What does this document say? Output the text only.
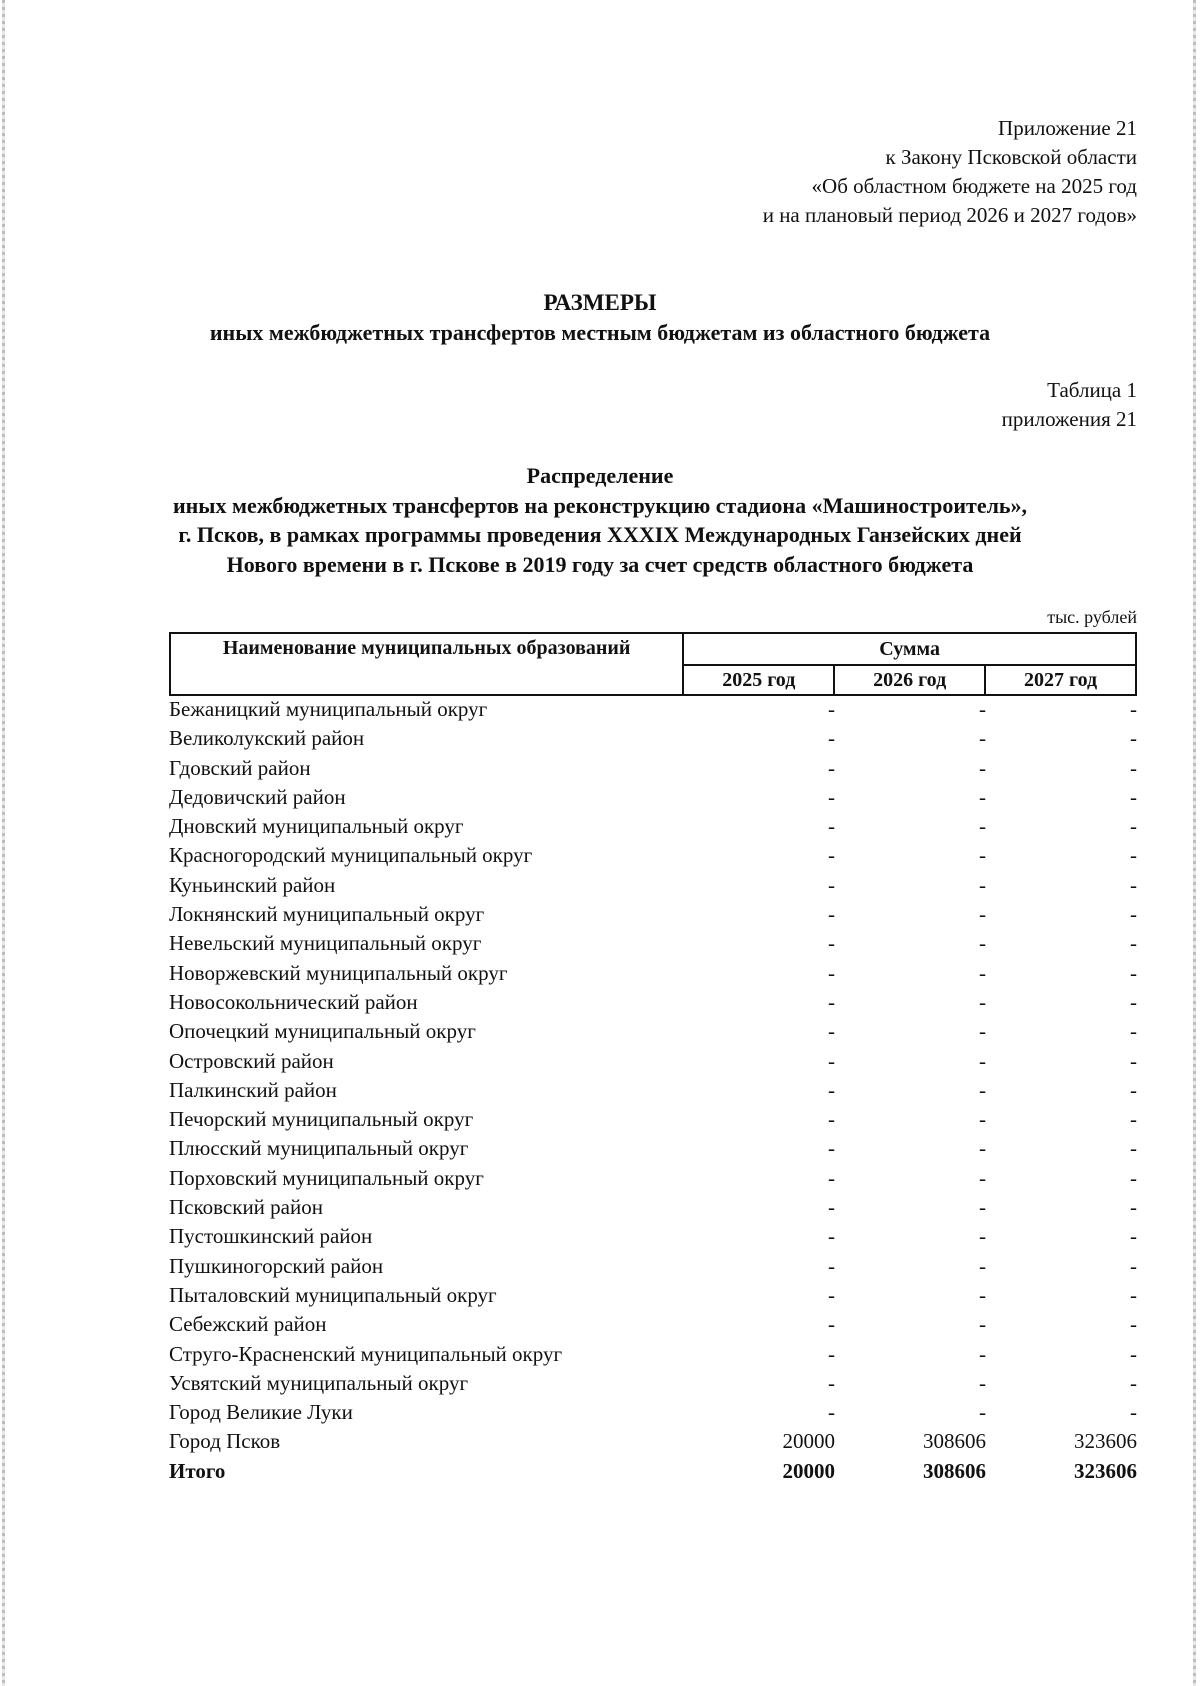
Приложение 21
к Закону Псковской области
«Об областном бюджете на 2025 год
и на плановый период 2026 и 2027 годов»
РАЗМЕРЫ
иных межбюджетных трансфертов местным бюджетам из областного бюджета
Таблица 1
приложения 21
Распределение
иных межбюджетных трансфертов на реконструкцию стадиона «Машиностроитель»,
г. Псков, в рамках программы проведения XXXIX Международных Ганзейских дней
Нового времени в г. Пскове в 2019 году за счет средств областного бюджета
тыс. рублей
Наименование муниципальных образований	Сумма		
	2025 год	2026 год	2027 год
Бежаницкий муниципальный округ	-	-	-
Великолукский район	-	-	-
Гдовский район	-	-	-
Дедовичский район	-	-	-
Дновский муниципальный округ	-	-	-
Красногородский муниципальный округ	-	-	-
Куньинский район	-	-	-
Локнянский муниципальный округ	-	-	-
Невельский муниципальный округ	-	-	-
Новоржевский муниципальный округ	-	-	-
Новосокольнический район	-	-	-
Опочецкий муниципальный округ	-	-	-
Островский район	-	-	-
Палкинский район	-	-	-
Печорский муниципальный округ	-	-	-
Плюсский муниципальный округ	-	-	-
Порховский муниципальный округ	-	-	-
Псковский район	-	-	-
Пустошкинский район	-	-	-
Пушкиногорский район	-	-	-
Пыталовский муниципальный округ	-	-	-
Себежский район	-	-	-
Струго-Красненский муниципальный округ	-	-	-
Усвятский муниципальный округ	-	-	-
Город Великие Луки	-	-	-
Город Псков	20000	308606	323606
Итого	20000	308606	323606
